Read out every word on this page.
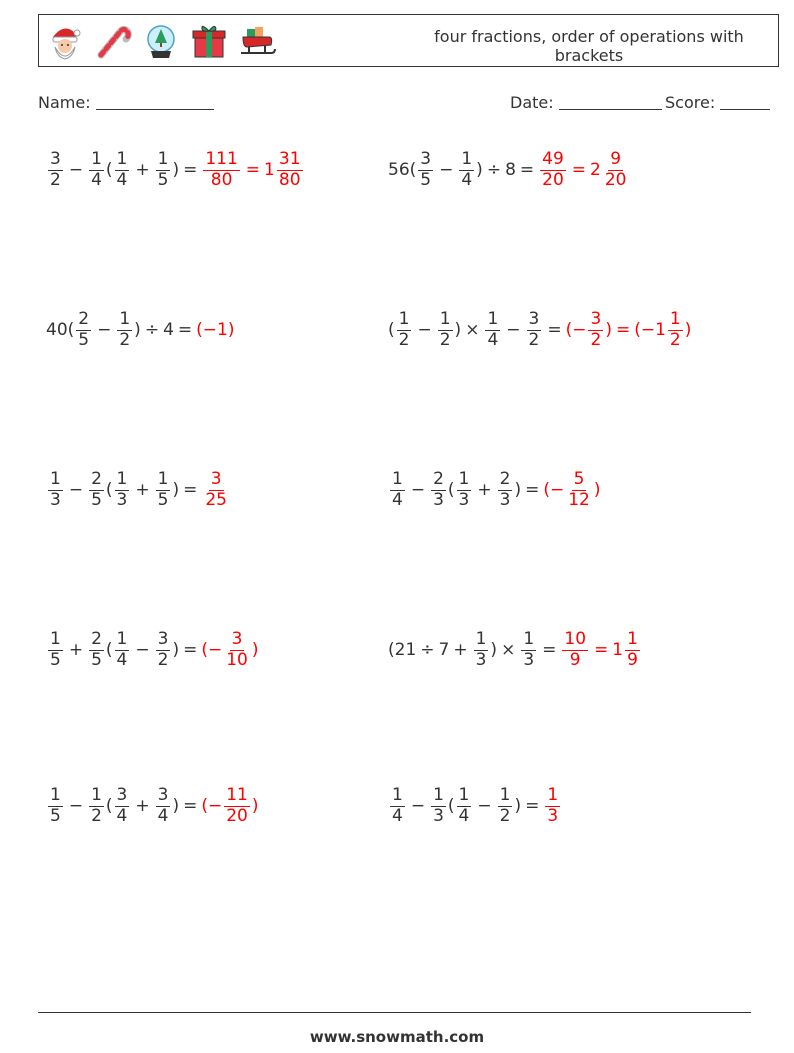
four fractions, order of operations with brackets
Name:	Date:	Score:
$\frac{3}{2} - \frac{1}{4}$ ( $\frac{1}{4} + \frac{1}{5}$ ) = $\frac{111}{80} = 1 \frac{31}{80}$	$56( \frac{3}{5} - \frac{1}{4}$ ) ÷ $8 = \frac{49}{20} = 2 \frac{9}{20}$
$40( \frac{2}{5} - \frac{1}{2}$ ) ÷ 4 = (−1)	( $\frac{1}{2} - \frac{1}{2}$ ) × $\frac{1}{4} - \frac{3}{2}$ = (− $\frac{3}{2}$ ) = ($-1 \frac{1}{2}$ )
$\frac{1}{3} - \frac{2}{5}$ ( $\frac{1}{3} + \frac{1}{5}$ ) = $\frac{3}{25}$	$\frac{1}{4} - \frac{2}{3}$ ( $\frac{1}{3} + \frac{2}{3}$ ) = (− $\frac{5}{12}$ )
$\frac{1}{5} + \frac{2}{5}$ ( $\frac{1}{4} - \frac{3}{2}$ ) = (− $\frac{3}{10}$ )	($21 \div 7 + \frac{1}{3}$ ) × $\frac{1}{3} = \frac{10}{9} = 1 \frac{1}{9}$
$\frac{1}{5} - \frac{1}{2}$ ( $\frac{3}{4} + \frac{3}{4}$ ) = (− $\frac{11}{20}$ )	$\frac{1}{4} - \frac{1}{3}$ ( $\frac{1}{4} - \frac{1}{2}$ ) = $\frac{1}{3}$
www.snowmath.com
